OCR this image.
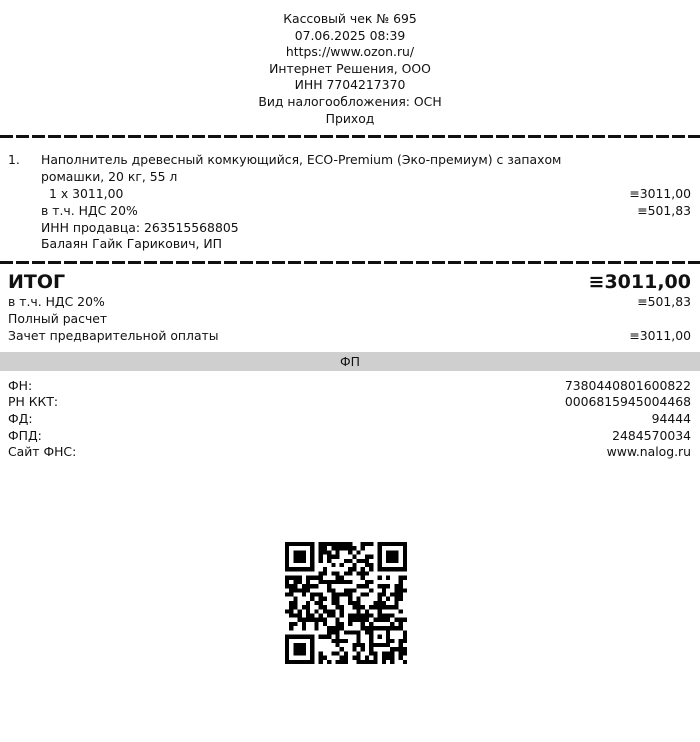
Кассовый чек № 695
07.06.2025 08:39
https://www.ozon.ru/
Интернет Решения, ООО
ИНН 7704217370
Вид налогообложения: ОСН
Приход
1. Наполнитель древесный комкующийся, ECO-Premium (Эко-премиум) с запахом ромашки, 20 кг, 55 л
1 x 3011,00	≡3011,00
в т.ч. НДС 20%	≡501,83
ИНН продавца: 263515568805
Балаян Гайк Гарикович, ИП
ИТОГ	≡3011,00
в т.ч. НДС 20%	≡501,83
Полный расчет
Зачет предварительной оплаты	≡3011,00
ФП
ФН:	7380440801600822
РН ККТ:	0006815945004468
ФД:	94444
ФПД:	2484570034
Сайт ФНС:	www.nalog.ru
